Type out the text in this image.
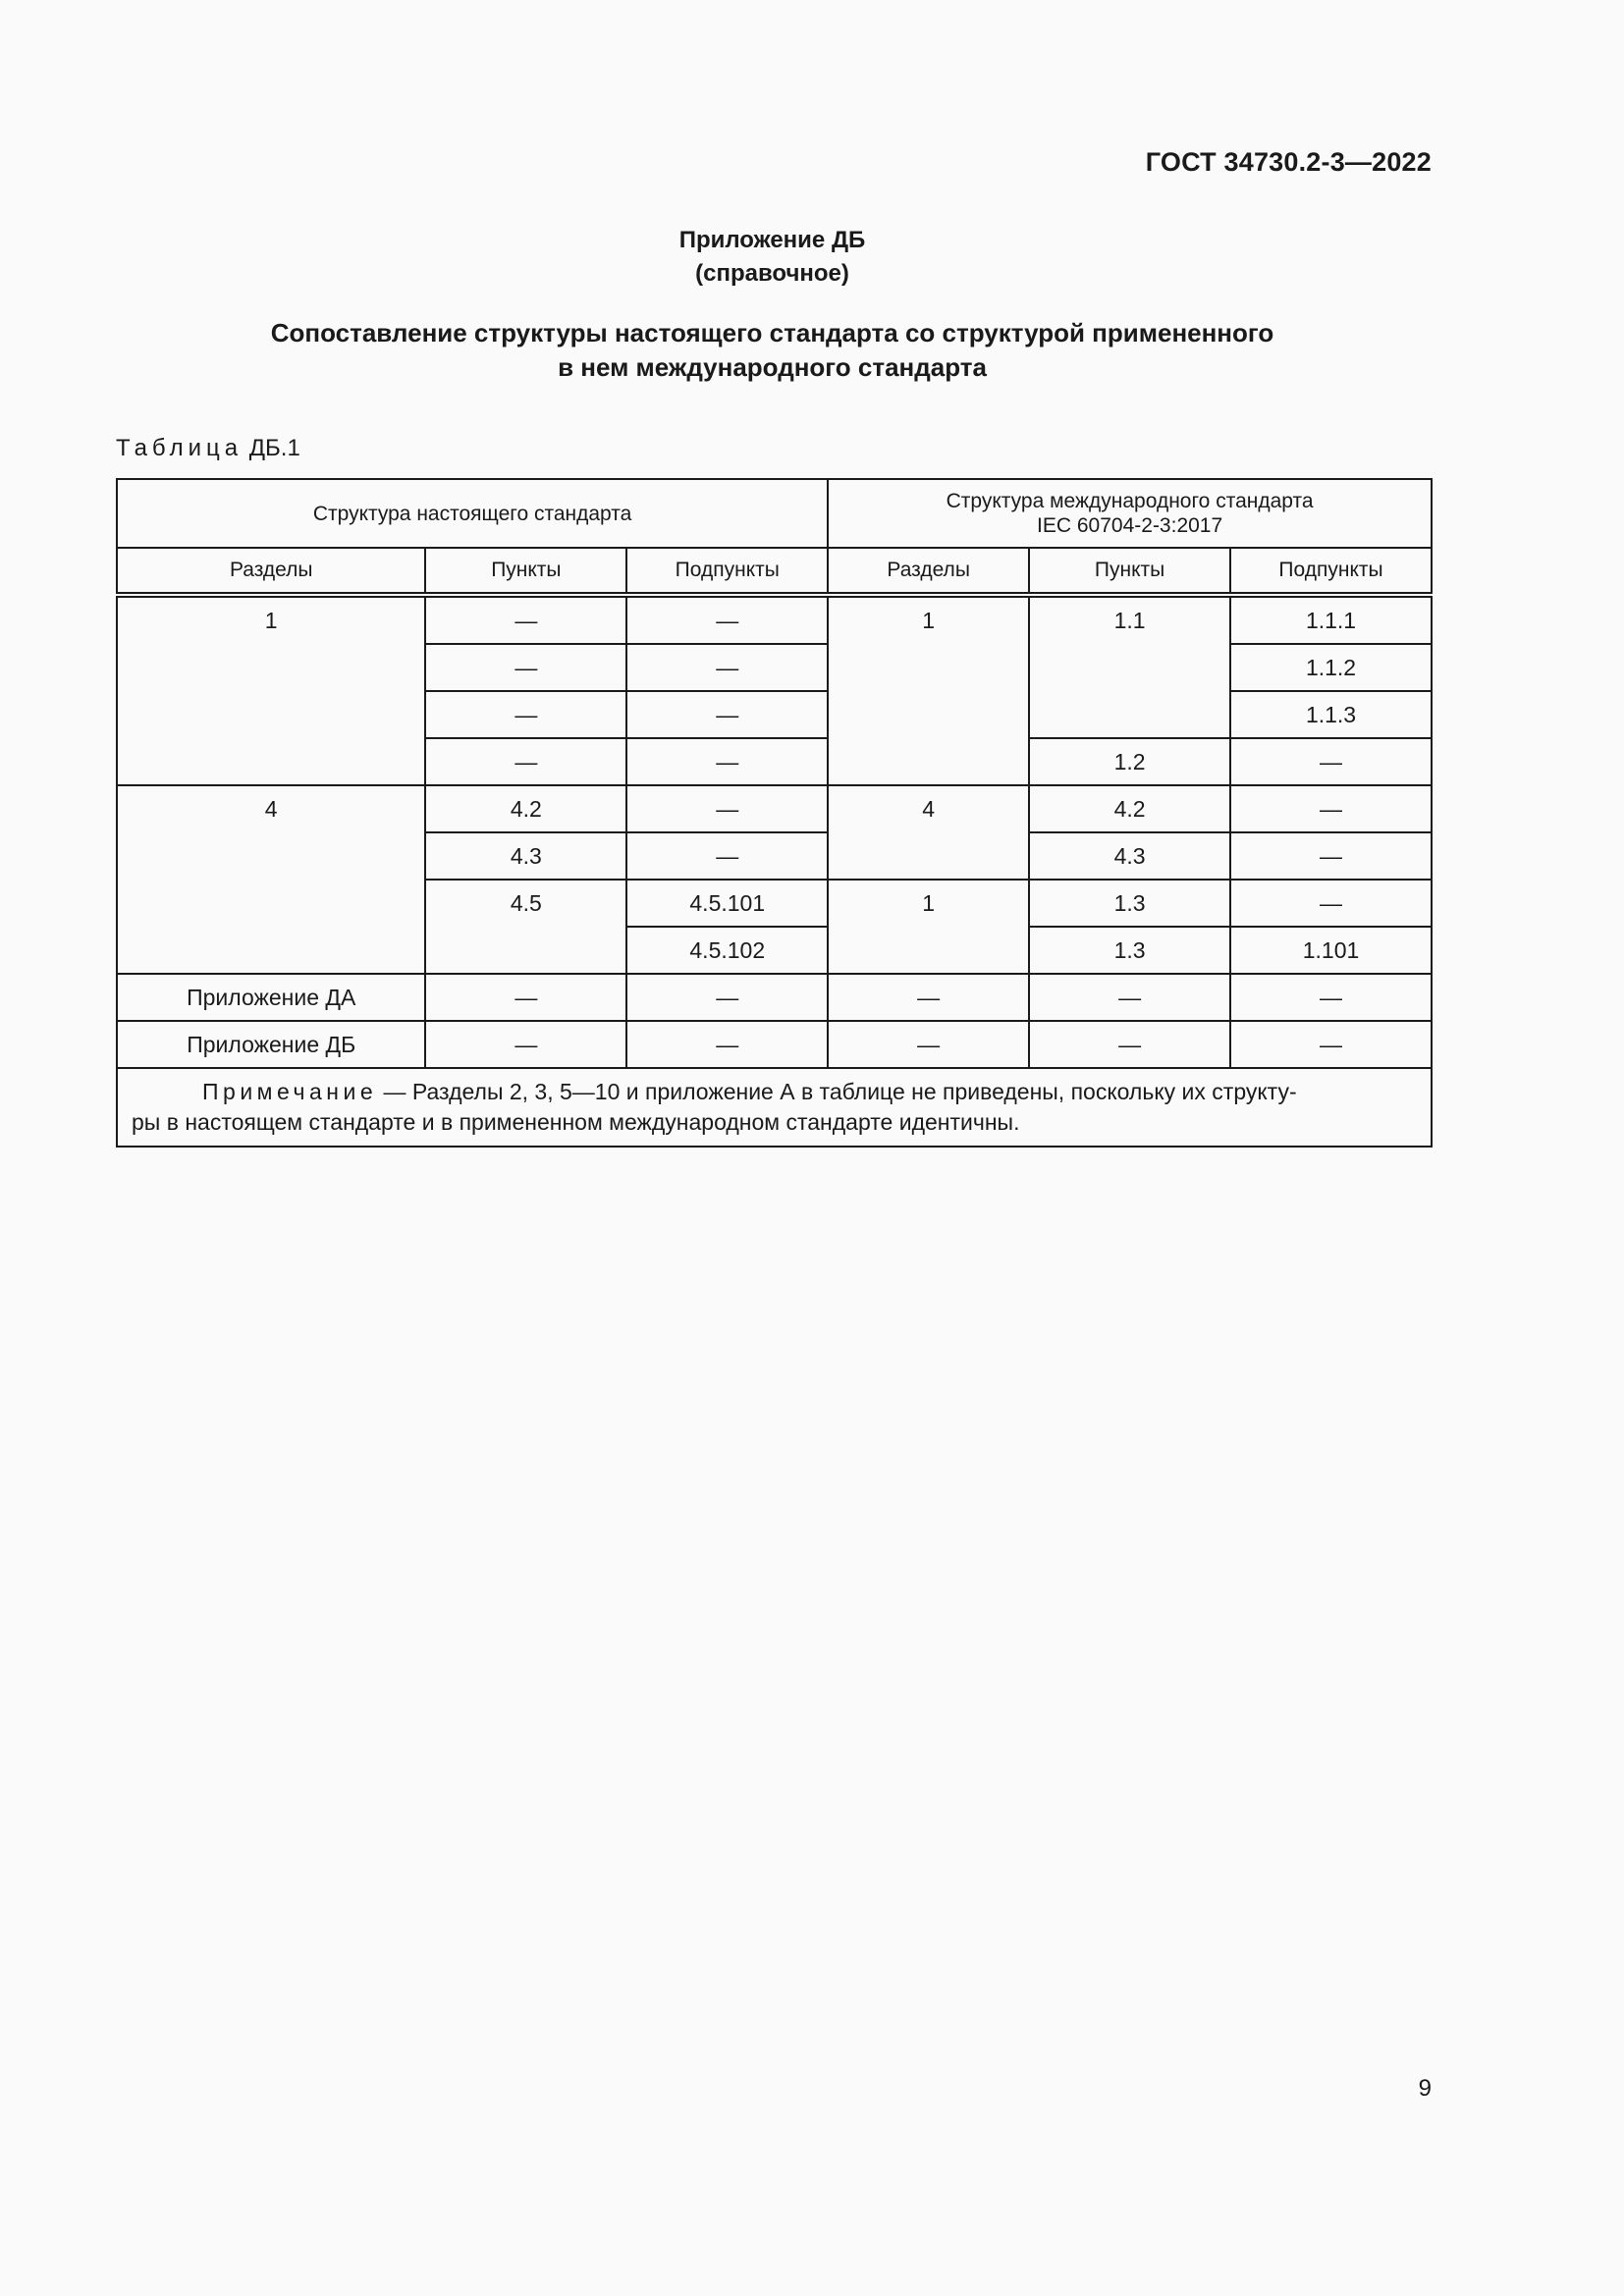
ГОСТ 34730.2-3—2022
Приложение ДБ
(справочное)
Сопоставление структуры настоящего стандарта со структурой примененного
в нем международного стандарта
Таблица ДБ.1
Структура настоящего стандарта			Структура международного стандарта
IEC 60704-2-3:2017		

Разделы	Пункты	Подпункты	Разделы	Пункты	Подпункты
1	—	—	1	1.1	1.1.1
	—	—			1.1.2
	—	—			1.1.3
	—	—		1.2	—
4	4.2	—	4	4.2	—
	4.3	—		4.3	—
	4.5	4.5.101	1	1.3	—
		4.5.102		1.3	1.101
Приложение ДА	—	—	—	—	—
Приложение ДБ	—	—	—	—	—

Примечание — Разделы 2, 3, 5—10 и приложение А в таблице не приведены, поскольку их структу-
ры в настоящем стандарте и в примененном международном стандарте идентичны.					
9
